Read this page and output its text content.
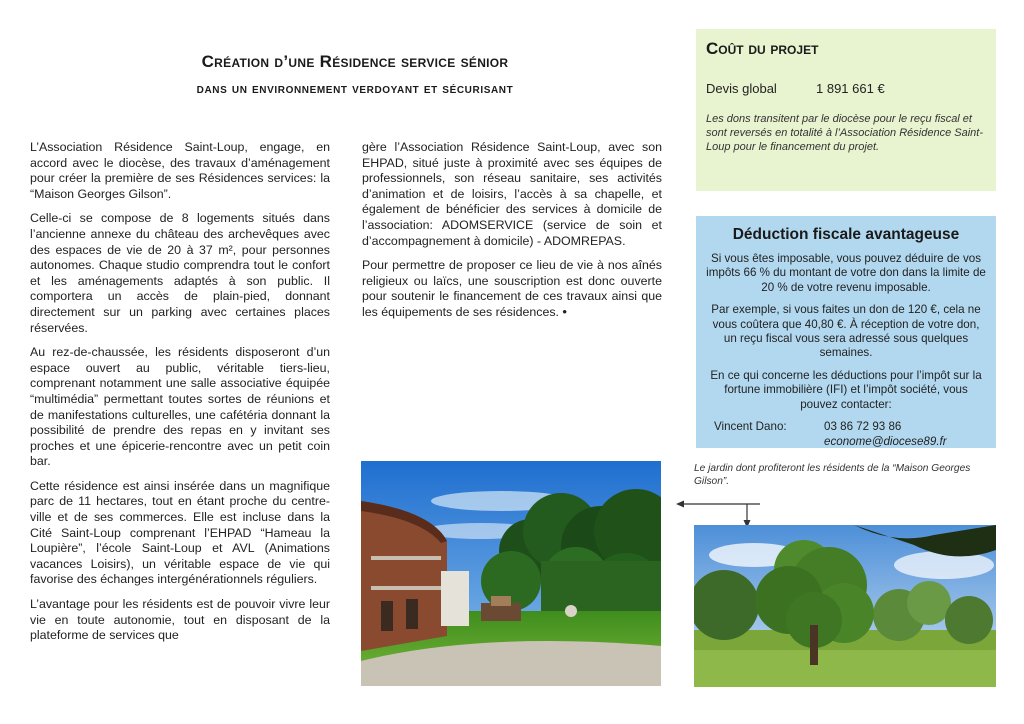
Création d’une Résidence service sénior
dans un environnement verdoyant et sécurisant

L’Association Résidence Saint-Loup, engage, en accord avec le diocèse, des travaux d’aménagement pour créer la première de ses Résidences services: la “Maison Georges Gilson”.

Celle-ci se compose de 8 logements situés dans l’ancienne annexe du château des archevêques avec des espaces de vie de 20 à 37 m², pour personnes autonomes. Chaque studio comprendra tout le confort et les aménagements adaptés à son public. Il comportera un accès de plain-pied, donnant directement sur un parking avec certaines places réservées.

Au rez-de-chaussée, les résidents disposeront d’un espace ouvert au public, véritable tiers-lieu, comprenant notamment une salle associative équipée “multimédia” permettant toutes sortes de réunions et de manifestations culturelles, une cafétéria donnant la possibilité de prendre des repas en y invitant ses proches et une épicerie-rencontre avec un petit coin bar.

Cette résidence est ainsi insérée dans un magnifique parc de 11 hectares, tout en étant proche du centre-ville et de ses commerces. Elle est incluse dans la Cité Saint-Loup comprenant l’EHPAD “Hameau la Loupière”, l’école Saint-Loup et AVL (Animations vacances Loisirs), un véritable espace de vie qui favorise des échanges intergénérationnels réguliers.

L’avantage pour les résidents est de pouvoir vivre leur vie en toute autonomie, tout en disposant de la plateforme de services que

gère l’Association Résidence Saint-Loup, avec son EHPAD, situé juste à proximité avec ses équipes de professionnels, son réseau sanitaire, ses activités d’animation et de loisirs, l’accès à sa chapelle, et également de bénéficier des services à domicile de l’association: ADOMSERVICE (service de soin et d’accompagnement à domicile) - ADOMREPAS.

Pour permettre de proposer ce lieu de vie à nos aînés religieux ou laïcs, une souscription est donc ouverte pour soutenir le financement de ces travaux ainsi que les équipements de ses résidences. •

Coût du projet
Devis global	1 891 661 €
Les dons transitent par le diocèse pour le reçu fiscal et sont reversés en totalité à l’Association Résidence Saint-Loup pour le financement du projet.
Déduction fiscale avantageuse

Si vous êtes imposable, vous pouvez déduire de vos impôts 66 % du montant de votre don dans la limite de 20 % de votre revenu imposable.

Par exemple, si vous faites un don de 120 €, cela ne vous coûtera que 40,80 €. À réception de votre don, un reçu fiscal vous sera adressé sous quelques semaines.

En ce qui concerne les déductions pour l’impôt sur la fortune immobilière (IFI) et l’impôt société, vous pouvez contacter:

Vincent Dano:	03 86 72 93 86
econome@diocese89.fr
Le jardin dont profiteront les résidents de la “Maison Georges Gilson”.
